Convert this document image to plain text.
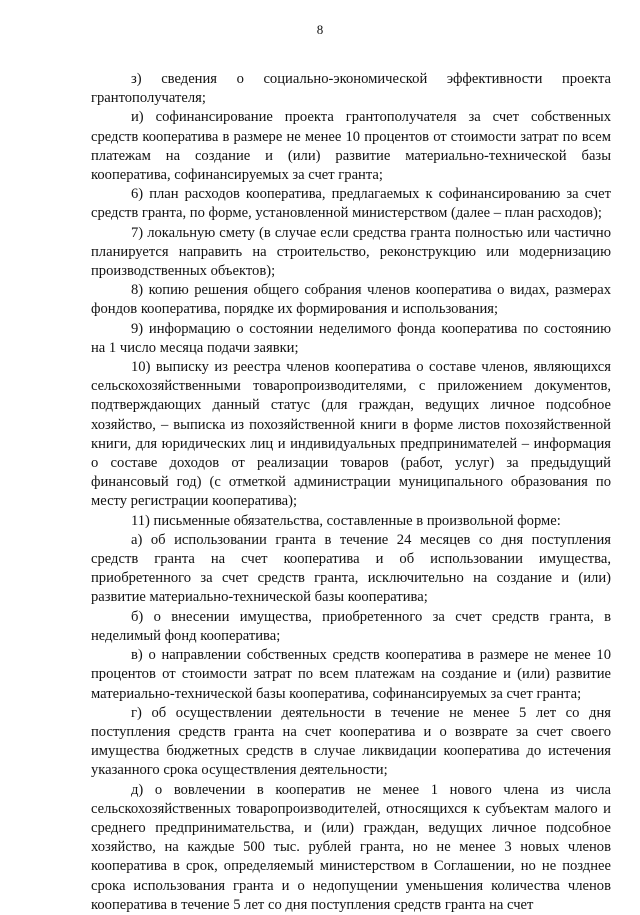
8

з) сведения о социально-экономической эффективности проекта грантополучателя;

и) софинансирование проекта грантополучателя за счет собственных средств кооператива в размере не менее 10 процентов от стоимости затрат по всем платежам на создание и (или) развитие материально-технической базы кооператива, софинансируемых за счет гранта;

6) план расходов кооператива, предлагаемых к софинансированию за счет средств гранта, по форме, установленной министерством (далее – план расходов);

7) локальную смету (в случае если средства гранта полностью или частично планируется направить на строительство, реконструкцию или модернизацию производственных объектов);

8) копию решения общего собрания членов кооператива о видах, размерах фондов кооператива, порядке их формирования и использования;

9) информацию о состоянии неделимого фонда кооператива по состоянию на 1 число месяца подачи заявки;

10) выписку из реестра членов кооператива о составе членов, являющихся сельскохозяйственными товаропроизводителями, с приложением документов, подтверждающих данный статус (для граждан, ведущих личное подсобное хозяйство, – выписка из похозяйственной книги в форме листов похозяйственной книги, для юридических лиц и индивидуальных предпринимателей – информация о составе доходов от реализации товаров (работ, услуг) за предыдущий финансовый год) (с отметкой администрации муниципального образования по месту регистрации кооператива);

11) письменные обязательства, составленные в произвольной форме:

а) об использовании гранта в течение 24 месяцев со дня поступления средств гранта на счет кооператива и об использовании имущества, приобретенного за счет средств гранта, исключительно на создание и (или) развитие материально-технической базы кооператива;

б) о внесении имущества, приобретенного за счет средств гранта, в неделимый фонд кооператива;

в) о направлении собственных средств кооператива в размере не менее 10 процентов от стоимости затрат по всем платежам на создание и (или) развитие материально-технической базы кооператива, софинансируемых за счет гранта;

г) об осуществлении деятельности в течение не менее 5 лет со дня поступления средств гранта на счет кооператива и о возврате за счет своего имущества бюджетных средств в случае ликвидации кооператива до истечения указанного срока осуществления деятельности;

д) о вовлечении в кооператив не менее 1 нового члена из числа сельскохозяйственных товаропроизводителей, относящихся к субъектам малого и среднего предпринимательства, и (или) граждан, ведущих личное подсобное хозяйство, на каждые 500 тыс. рублей гранта, но не менее 3 новых членов кооператива в срок, определяемый министерством в Соглашении, но не позднее срока использования гранта и о недопущении уменьшения количества членов кооператива в течение 5 лет со дня поступления средств гранта на счет
